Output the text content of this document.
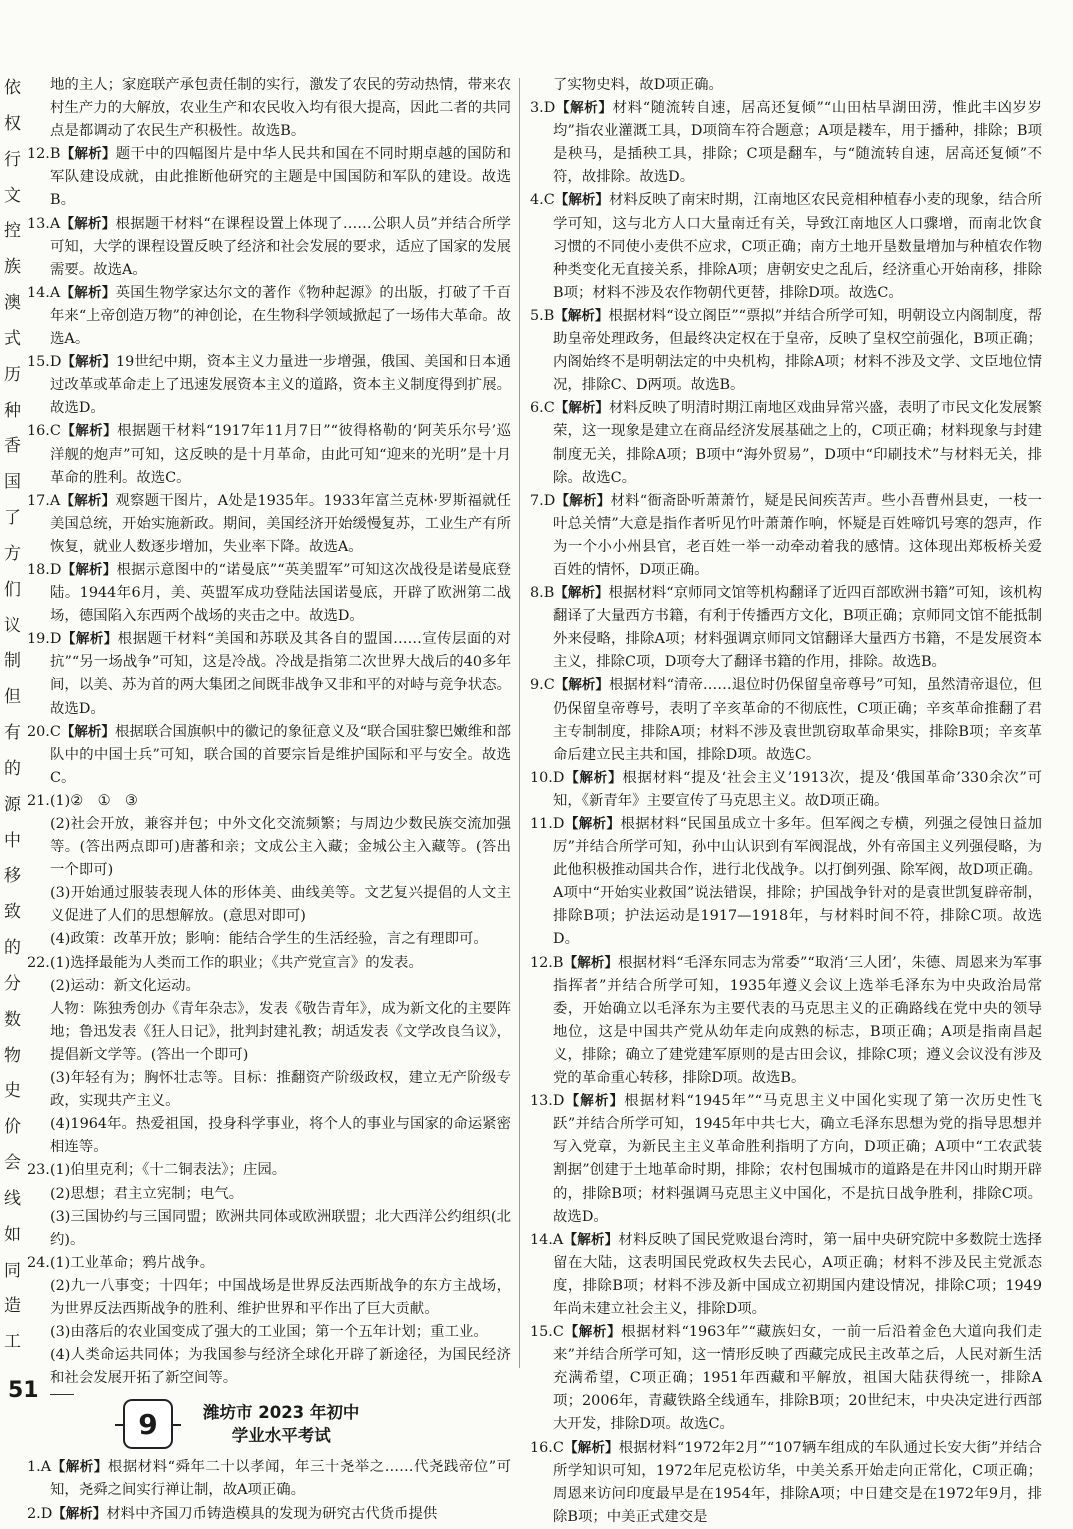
依
权
行
文
控
族
澳
式
历
种
香
国
了
方
们
议
制
但
有
的
源
中
移
致
的
分
数
物
史
价
会
线
如
同
造
工

地的主人；家庭联产承包责任制的实行，激发了农民的劳动热情，带来农村生产力的大解放，农业生产和农民收入均有很大提高，因此二者的共同点是都调动了农民生产积极性。故选B。

12.B【解析】题干中的四幅图片是中华人民共和国在不同时期卓越的国防和军队建设成就，由此推断他研究的主题是中国国防和军队的建设。故选B。

13.A【解析】根据题干材料“在课程设置上体现了……公职人员”并结合所学可知，大学的课程设置反映了经济和社会发展的要求，适应了国家的发展需要。故选A。

14.A【解析】英国生物学家达尔文的著作《物种起源》的出版，打破了千百年来“上帝创造万物”的神创论，在生物科学领域掀起了一场伟大革命。故选A。

15.D【解析】19世纪中期，资本主义力量进一步增强，俄国、美国和日本通过改革或革命走上了迅速发展资本主义的道路，资本主义制度得到扩展。故选D。

16.C【解析】根据题干材料“1917年11月7日”“彼得格勒的‘阿芙乐尔号’巡洋舰的炮声”可知，这反映的是十月革命，由此可知“迎来的光明”是十月革命的胜利。故选C。

17.A【解析】观察题干图片，A处是1935年。1933年富兰克林·罗斯福就任美国总统，开始实施新政。期间，美国经济开始缓慢复苏，工业生产有所恢复，就业人数逐步增加，失业率下降。故选A。

18.D【解析】根据示意图中的“诺曼底”“英美盟军”可知这次战役是诺曼底登陆。1944年6月，美、英盟军成功登陆法国诺曼底，开辟了欧洲第二战场，德国陷入东西两个战场的夹击之中。故选D。

19.D【解析】根据题干材料“美国和苏联及其各自的盟国……宣传层面的对抗”“另一场战争”可知，这是冷战。冷战是指第二次世界大战后的40多年间，以美、苏为首的两大集团之间既非战争又非和平的对峙与竞争状态。故选D。

20.C【解析】根据联合国旗帜中的徽记的象征意义及“联合国驻黎巴嫩维和部队中的中国士兵”可知，联合国的首要宗旨是维护国际和平与安全。故选C。

21.(1)②　①　③

(2)社会开放，兼容并包；中外文化交流频繁；与周边少数民族交流加强等。(答出两点即可)唐蕃和亲；文成公主入藏；金城公主入藏等。(答出一个即可)

(3)开始通过服装表现人体的形体美、曲线美等。文艺复兴提倡的人文主义促进了人们的思想解放。(意思对即可)

(4)政策：改革开放；影响：能结合学生的生活经验，言之有理即可。

22.(1)选择最能为人类而工作的职业；《共产党宣言》的发表。

(2)运动：新文化运动。

人物：陈独秀创办《青年杂志》，发表《敬告青年》，成为新文化的主要阵地；鲁迅发表《狂人日记》，批判封建礼教；胡适发表《文学改良刍议》，提倡新文学等。(答出一个即可)

(3)年轻有为；胸怀壮志等。目标：推翻资产阶级政权，建立无产阶级专政，实现共产主义。

(4)1964年。热爱祖国，投身科学事业，将个人的事业与国家的命运紧密相连等。

23.(1)伯里克利；《十二铜表法》；庄园。

(2)思想；君主立宪制；电气。

(3)三国协约与三国同盟；欧洲共同体或欧洲联盟；北大西洋公约组织(北约)。

24.(1)工业革命；鸦片战争。

(2)九一八事变；十四年；中国战场是世界反法西斯战争的东方主战场，为世界反法西斯战争的胜利、维护世界和平作出了巨大贡献。

(3)由落后的农业国变成了强大的工业国；第一个五年计划；重工业。

(4)人类命运共同体；为我国参与经济全球化开辟了新途径，为国民经济和社会发展开拓了新空间等。

9	潍坊市 2023 年初中
学业水平考试

1.A【解析】根据材料“舜年二十以孝闻，年三十尧举之……代尧践帝位”可知，尧舜之间实行禅让制，故A项正确。

2.D【解析】材料中齐国刀币铸造模具的发现为研究古代货币提供

了实物史料，故D项正确。

3.D【解析】材料“随流转自速，居高还复倾”“山田枯旱湖田涝，惟此丰凶岁岁均”指农业灌溉工具，D项筒车符合题意；A项是耧车，用于播种，排除；B项是秧马，是插秧工具，排除；C项是翻车，与“随流转自速，居高还复倾”不符，故排除。故选D。

4.C【解析】材料反映了南宋时期，江南地区农民竞相种植春小麦的现象，结合所学可知，这与北方人口大量南迁有关，导致江南地区人口骤增，而南北饮食习惯的不同使小麦供不应求，C项正确；南方土地开垦数量增加与种植农作物种类变化无直接关系，排除A项；唐朝安史之乱后，经济重心开始南移，排除B项；材料不涉及农作物朝代更替，排除D项。故选C。

5.B【解析】根据材料“设立阁臣”“票拟”并结合所学可知，明朝设立内阁制度，帮助皇帝处理政务，但最终决定权在于皇帝，反映了皇权空前强化，B项正确；内阁始终不是明朝法定的中央机构，排除A项；材料不涉及文学、文臣地位情况，排除C、D两项。故选B。

6.C【解析】材料反映了明清时期江南地区戏曲异常兴盛，表明了市民文化发展繁荣，这一现象是建立在商品经济发展基础之上的，C项正确；材料现象与封建制度无关，排除A项；B项中“海外贸易”，D项中“印刷技术”与材料无关，排除。故选C。

7.D【解析】材料“衙斋卧听萧萧竹，疑是民间疾苦声。些小吾曹州县吏，一枝一叶总关情”大意是指作者听见竹叶萧萧作响，怀疑是百姓啼饥号寒的怨声，作为一个小小州县官，老百姓一举一动牵动着我的感情。这体现出郑板桥关爱百姓的情怀，D项正确。

8.B【解析】根据材料“京师同文馆等机构翻译了近四百部欧洲书籍”可知，该机构翻译了大量西方书籍，有利于传播西方文化，B项正确；京师同文馆不能抵制外来侵略，排除A项；材料强调京师同文馆翻译大量西方书籍，不是发展资本主义，排除C项，D项夸大了翻译书籍的作用，排除。故选B。

9.C【解析】根据材料“清帝……退位时仍保留皇帝尊号”可知，虽然清帝退位，但仍保留皇帝尊号，表明了辛亥革命的不彻底性，C项正确；辛亥革命推翻了君主专制制度，排除A项；材料不涉及袁世凯窃取革命果实，排除B项；辛亥革命后建立民主共和国，排除D项。故选C。

10.D【解析】根据材料“提及‘社会主义’1913次，提及‘俄国革命’330余次”可知，《新青年》主要宣传了马克思主义。故D项正确。

11.D【解析】根据材料“民国虽成立十多年。但军阀之专横，列强之侵蚀日益加厉”并结合所学可知，孙中山认识到有军阀混战，外有帝国主义列强侵略，为此他积极推动国共合作，进行北伐战争。以打倒列强、除军阀，故D项正确。A项中“开始实业救国”说法错误，排除；护国战争针对的是袁世凯复辟帝制，排除B项；护法运动是1917—1918年，与材料时间不符，排除C项。故选D。

12.B【解析】根据材料“毛泽东同志为常委”“取消‘三人团’，朱德、周恩来为军事指挥者”并结合所学可知，1935年遵义会议上选举毛泽东为中央政治局常委，开始确立以毛泽东为主要代表的马克思主义的正确路线在党中央的领导地位，这是中国共产党从幼年走向成熟的标志，B项正确；A项是指南昌起义，排除；确立了建党建军原则的是古田会议，排除C项；遵义会议没有涉及党的革命重心转移，排除D项。故选B。

13.D【解析】根据材料“1945年”“马克思主义中国化实现了第一次历史性飞跃”并结合所学可知，1945年中共七大，确立毛泽东思想为党的指导思想并写入党章，为新民主主义革命胜利指明了方向，D项正确；A项中“工农武装割据”创建于土地革命时期，排除；农村包围城市的道路是在井冈山时期开辟的，排除B项；材料强调马克思主义中国化，不是抗日战争胜利，排除C项。故选D。

14.A【解析】材料反映了国民党败退台湾时，第一届中央研究院中多数院士选择留在大陆，这表明国民党政权失去民心，A项正确；材料不涉及民主党派态度，排除B项；材料不涉及新中国成立初期国内建设情况，排除C项；1949年尚未建立社会主义，排除D项。

15.C【解析】根据材料“1963年”“藏族妇女，一前一后沿着金色大道向我们走来”并结合所学可知，这一情形反映了西藏完成民主改革之后，人民对新生活充满希望，C项正确；1951年西藏和平解放，祖国大陆获得统一，排除A项；2006年，青藏铁路全线通车，排除B项；20世纪末，中央决定进行西部大开发，排除D项。故选C。

16.C【解析】根据材料“1972年2月”“107辆车组成的车队通过长安大街”并结合所学知识可知，1972年尼克松访华，中美关系开始走向正常化，C项正确；周恩来访问印度最早是在1954年，排除A项；中日建交是在1972年9月，排除B项；中美正式建交是

51
